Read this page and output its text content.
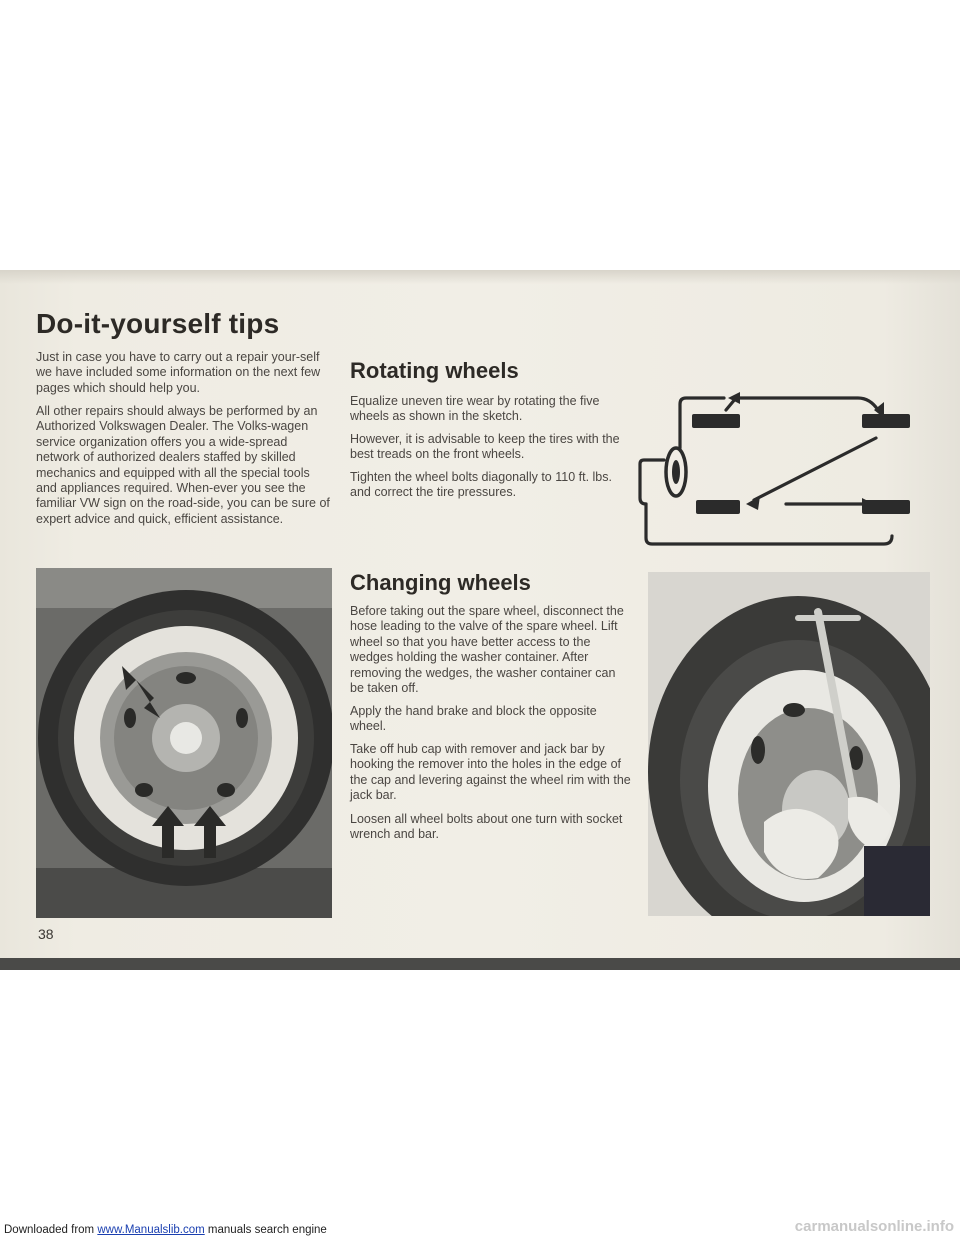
Do-it-yourself tips

Just in case you have to carry out a repair your-self we have included some information on the next few pages which should help you.

All other repairs should always be performed by an Authorized Volkswagen Dealer. The Volks-wagen service organization offers you a wide-spread network of authorized dealers staffed by skilled mechanics and equipped with all the special tools and appliances required. When-ever you see the familiar VW sign on the road-side, you can be sure of expert advice and quick, efficient assistance.

38
Rotating wheels

Equalize uneven tire wear by rotating the five wheels as shown in the sketch.

However, it is advisable to keep the tires with the best treads on the front wheels.

Tighten the wheel bolts diagonally to 110 ft. lbs. and correct the tire pressures.

Changing wheels

Before taking out the spare wheel, disconnect the hose leading to the valve of the spare wheel. Lift wheel so that you have better access to the wedges holding the washer container. After removing the wedges, the washer container can be taken off.

Apply the hand brake and block the opposite wheel.

Take off hub cap with remover and jack bar by hooking the remover into the holes in the edge of the cap and levering against the wheel rim with the jack bar.

Loosen all wheel bolts about one turn with socket wrench and bar.

Downloaded from www.Manualslib.com manuals search engine	carmanualsonline.info
